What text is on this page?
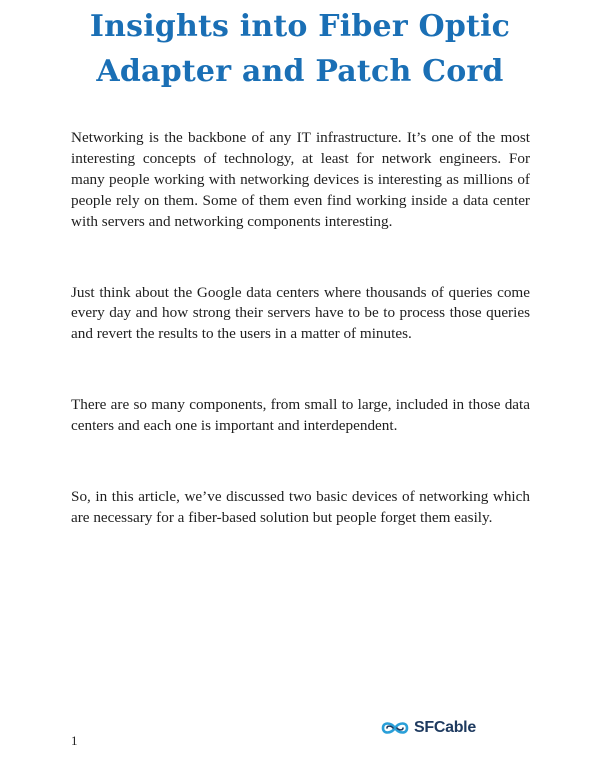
Insights into Fiber Optic
Adapter and Patch Cord

Networking is the backbone of any IT infrastructure. It’s one of the most interesting concepts of technology, at least for network engineers. For many people working with networking devices is interesting as millions of people rely on them. Some of them even find working inside a data center with servers and networking components interesting.

Just think about the Google data centers where thousands of queries come every day and how strong their servers have to be to process those queries and revert the results to the users in a matter of minutes.

There are so many components, from small to large, included in those data centers and each one is important and interdependent.

So, in this article, we’ve discussed two basic devices of networking which are necessary for a fiber-based solution but people forget them easily.

1
SFCable
